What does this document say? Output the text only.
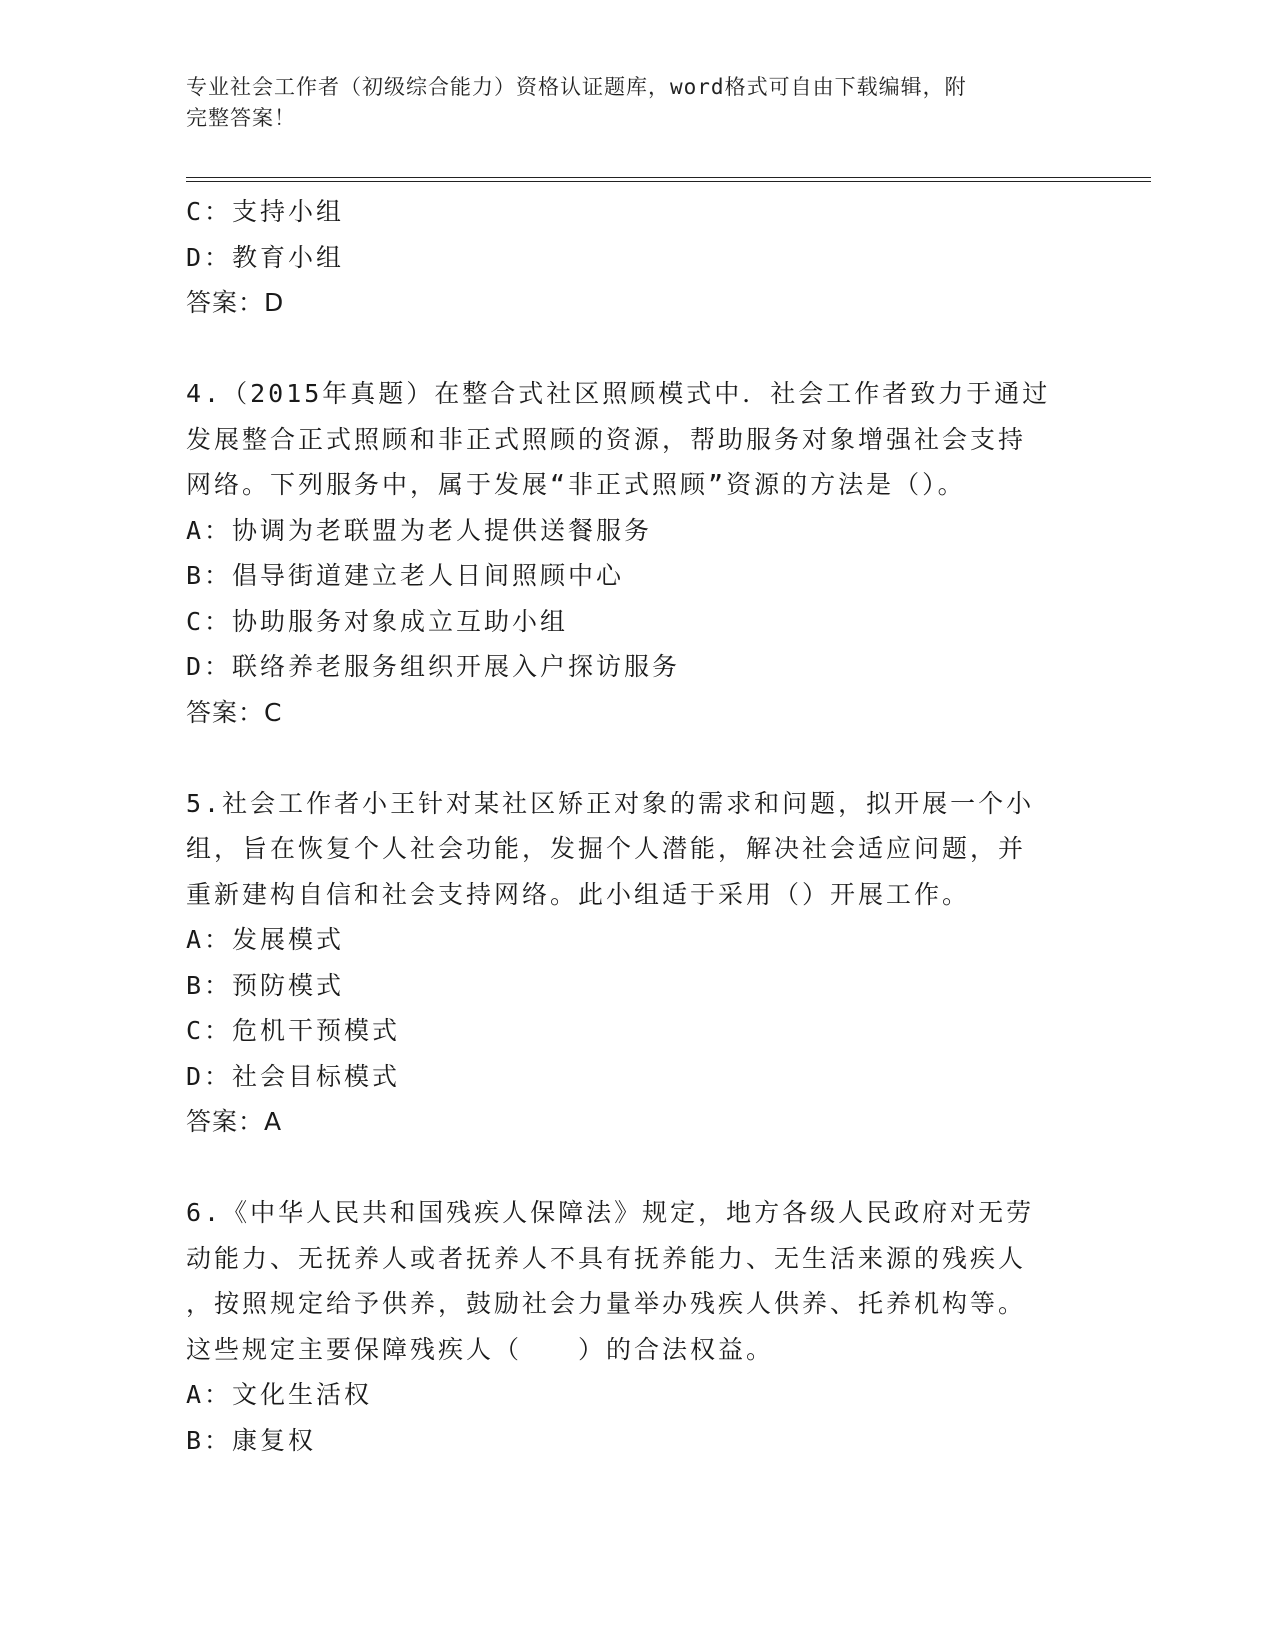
专业社会工作者（初级综合能力）资格认证题库，word格式可自由下载编辑，附
完整答案！
C：支持小组
D：教育小组
答案：D
4.（2015年真题）在整合式社区照顾模式中．社会工作者致力于通过
发展整合正式照顾和非正式照顾的资源，帮助服务对象增强社会支持
网络。下列服务中，属于发展“非正式照顾”资源的方法是（）。
A：协调为老联盟为老人提供送餐服务
B：倡导街道建立老人日间照顾中心
C：协助服务对象成立互助小组
D：联络养老服务组织开展入户探访服务
答案：C
5.社会工作者小王针对某社区矫正对象的需求和问题，拟开展一个小
组，旨在恢复个人社会功能，发掘个人潜能，解决社会适应问题，并
重新建构自信和社会支持网络。此小组适于采用（）开展工作。
A：发展模式
B：预防模式
C：危机干预模式
D：社会目标模式
答案：A
6.《中华人民共和国残疾人保障法》规定，地方各级人民政府对无劳
动能力、无抚养人或者抚养人不具有抚养能力、无生活来源的残疾人
，按照规定给予供养，鼓励社会力量举办残疾人供养、托养机构等。
这些规定主要保障残疾人（　　）的合法权益。
A：文化生活权
B：康复权
